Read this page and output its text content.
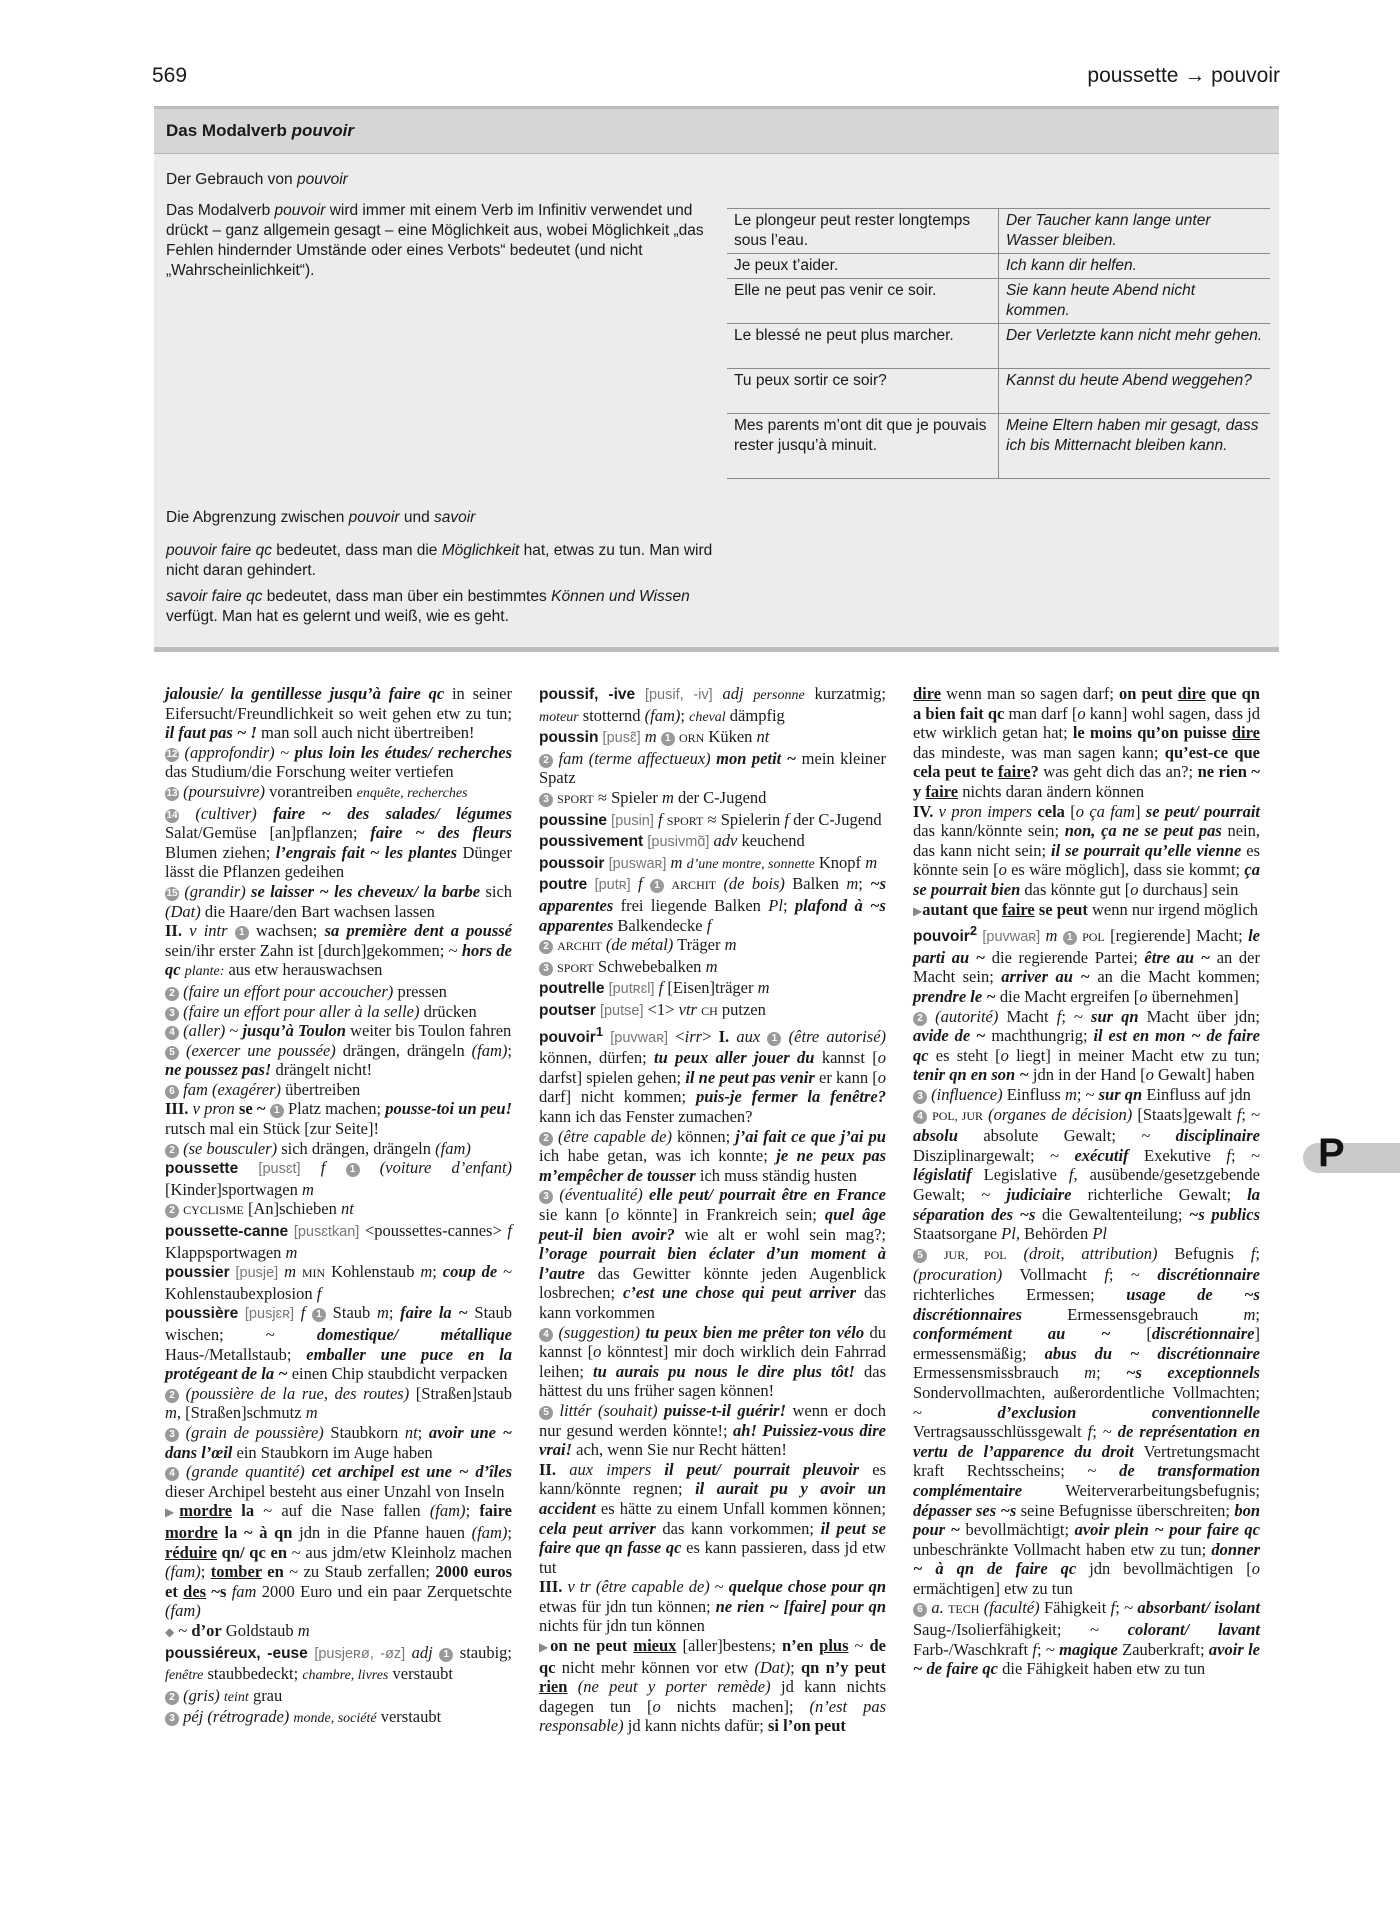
569	poussette → pouvoir
Das Modalverb pouvoir
Der Gebrauch von pouvoir
Das Modalverb pouvoir wird immer mit einem Verb im Infinitiv verwendet und drückt – ganz allgemein gesagt – eine Möglichkeit aus, wobei Möglichkeit „das Fehlen hindernder Umstände oder eines Verbots“ bedeutet (und nicht „Wahrscheinlichkeit“).
Le plongeur peut rester longtemps sous l’eau.	Der Taucher kann lange unter Wasser bleiben.
Je peux t’aider.	Ich kann dir helfen.
Elle ne peut pas venir ce soir.	Sie kann heute Abend nicht kommen.
Le blessé ne peut plus marcher.	Der Verletzte kann nicht mehr gehen.
Tu peux sortir ce soir?	Kannst du heute Abend weggehen?
Mes parents m’ont dit que je pouvais rester jusqu’à minuit.	Meine Eltern haben mir gesagt, dass ich bis Mitternacht bleiben kann.
Die Abgrenzung zwischen pouvoir und savoir
pouvoir faire qc bedeutet, dass man die Möglichkeit hat, etwas zu tun. Man wird nicht daran gehindert.
savoir faire qc bedeutet, dass man über ein bestimmtes Können und Wissen verfügt. Man hat es gelernt und weiß, wie es geht.

jalousie/ la gentillesse jusqu’à faire qc in seiner Eifersucht/Freundlichkeit so weit gehen etw zu tun; il faut pas ~ ! man soll auch nicht übertreiben!

12 (approfondir) ~ plus loin les études/ recherches das Studium/die Forschung weiter vertiefen

13 (poursuivre) vorantreiben enquête, recherches

14 (cultiver) faire ~ des salades/ légumes Salat/Gemüse [an]pflanzen; faire ~ des fleurs Blumen ziehen; l’engrais fait ~ les plantes Dünger lässt die Pflanzen gedeihen

15 (grandir) se laisser ~ les cheveux/ la barbe sich (Dat) die Haare/den Bart wachsen lassen

II. v intr 1 wachsen; sa première dent a poussé sein/ihr erster Zahn ist [durch]gekommen; ~ hors de qc plante: aus etw herauswachsen

2 (faire un effort pour accoucher) pressen

3 (faire un effort pour aller à la selle) drücken

4 (aller) ~ jusqu’à Toulon weiter bis Toulon fahren

5 (exercer une poussée) drängen, drängeln (fam); ne poussez pas! drängelt nicht!

6 fam (exagérer) übertreiben

III. v pron se ~ 1 Platz machen; pousse-toi un peu! rutsch mal ein Stück [zur Seite]!

2 (se bousculer) sich drängen, drängeln (fam)

poussette [pusɛt] f 1 (voiture d’enfant) [Kinder]sportwagen m

2 CYCLISME [An]schieben nt

poussette-canne [pusɛtkan] <poussettes-cannes> f Klappsportwagen m

poussier [pusje] m MIN Kohlenstaub m; coup de ~ Kohlenstaubexplosion f

poussière [pusjɛʀ] f 1 Staub m; faire la ~ Staub wischen; ~ domestique/ métallique Haus-/Metallstaub; emballer une puce en la protégeant de la ~ einen Chip staubdicht verpacken

2 (poussière de la rue, des routes) [Straßen]staub m, [Straßen]schmutz m

3 (grain de poussière) Staubkorn nt; avoir une ~ dans l’œil ein Staubkorn im Auge haben

4 (grande quantité) cet archipel est une ~ d’îles dieser Archipel besteht aus einer Unzahl von Inseln

▶mordre la ~ auf die Nase fallen (fam); faire mordre la ~ à qn jdn in die Pfanne hauen (fam); réduire qn/ qc en ~ aus jdm/etw Kleinholz machen (fam); tomber en ~ zu Staub zerfallen; 2000 euros et des ~s fam 2000 Euro und ein paar Zerquetschte (fam)

◆ ~ d’or Goldstaub m

poussiéreux, -euse [pusjeʀø, -øz] adj 1 staubig; fenêtre staubbedeckt; chambre, livres verstaubt

2 (gris) teint grau

3 péj (rétrograde) monde, société verstaubt

poussif, -ive [pusif, -iv] adj personne kurzatmig; moteur stotternd (fam); cheval dämpfig

poussin [pusɛ̃] m 1 ORN Küken nt

2 fam (terme affectueux) mon petit ~ mein kleiner Spatz

3 SPORT ≈ Spieler m der C-Jugend

poussine [pusin] f SPORT ≈ Spielerin f der C-Jugend

poussivement [pusivmɑ̃] adv keuchend

poussoir [puswaʀ] m d’une montre, sonnette Knopf m

poutre [putʀ] f 1 ARCHIT (de bois) Balken m; ~s apparentes frei liegende Balken Pl; plafond à ~s apparentes Balkendecke f

2 ARCHIT (de métal) Träger m

3 SPORT Schwebebalken m

poutrelle [putʀɛl] f [Eisen]träger m

poutser [putse] <1> vtr CH putzen

pouvoir$^1$ [puvwaʀ] <irr> I. aux 1 (être autorisé) können, dürfen; tu peux aller jouer du kannst [o darfst] spielen gehen; il ne peut pas venir er kann [o darf] nicht kommen; puis-je fermer la fenêtre? kann ich das Fenster zumachen?

2 (être capable de) können; j’ai fait ce que j’ai pu ich habe getan, was ich konnte; je ne peux pas m’empêcher de tousser ich muss ständig husten

3 (éventualité) elle peut/ pourrait être en France sie kann [o könnte] in Frankreich sein; quel âge peut-il bien avoir? wie alt er wohl sein mag?; l’orage pourrait bien éclater d’un moment à l’autre das Gewitter könnte jeden Augenblick losbrechen; c’est une chose qui peut arriver das kann vorkommen

4 (suggestion) tu peux bien me prêter ton vélo du kannst [o könntest] mir doch wirklich dein Fahrrad leihen; tu aurais pu nous le dire plus tôt! das hättest du uns früher sagen können!

5 littér (souhait) puisse-t-il guérir! wenn er doch nur gesund werden könnte!; ah! Puissiez-vous dire vrai! ach, wenn Sie nur Recht hätten!

II. aux impers il peut/ pourrait pleuvoir es kann/könnte regnen; il aurait pu y avoir un accident es hätte zu einem Unfall kommen können; cela peut arriver das kann vorkommen; il peut se faire que qn fasse qc es kann passieren, dass jd etw tut

III. v tr (être capable de) ~ quelque chose pour qn etwas für jdn tun können; ne rien ~ [faire] pour qn nichts für jdn tun können

▶on ne peut mieux [aller]bestens; n’en plus ~ de qc nicht mehr können vor etw (Dat); qn n’y peut rien (ne peut y porter remède) jd kann nichts dagegen tun [o nichts machen]; (n’est pas responsable) jd kann nichts dafür; si l’on peut

dire wenn man so sagen darf; on peut dire que qn a bien fait qc man darf [o kann] wohl sagen, dass jd etw wirklich getan hat; le moins qu’on puisse dire das mindeste, was man sagen kann; qu’est-ce que cela peut te faire? was geht dich das an?; ne rien ~ y faire nichts daran ändern können

IV. v pron impers cela [o ça fam] se peut/ pourrait das kann/könnte sein; non, ça ne se peut pas nein, das kann nicht sein; il se pourrait qu’elle vienne es könnte sein [o es wäre möglich], dass sie kommt; ça se pourrait bien das könnte gut [o durchaus] sein

▶autant que faire se peut wenn nur irgend möglich

pouvoir$^2$ [puvwaʀ] m 1 POL [regierende] Macht; le parti au ~ die regierende Partei; être au ~ an der Macht sein; arriver au ~ an die Macht kommen; prendre le ~ die Macht ergreifen [o übernehmen]

2 (autorité) Macht f; ~ sur qn Macht über jdn; avide de ~ machthungrig; il est en mon ~ de faire qc es steht [o liegt] in meiner Macht etw zu tun; tenir qn en son ~ jdn in der Hand [o Gewalt] haben

3 (influence) Einfluss m; ~ sur qn Einfluss auf jdn

4 POL, JUR (organes de décision) [Staats]gewalt f; ~ absolu absolute Gewalt; ~ disciplinaire Disziplinargewalt; ~ exécutif Exekutive f; ~ législatif Legislative f, ausübende/gesetzgebende Gewalt; ~ judiciaire richterliche Gewalt; la séparation des ~s die Gewaltenteilung; ~s publics Staatsorgane Pl, Behörden Pl

5 JUR, POL (droit, attribution) Befugnis f; (procuration) Vollmacht f; ~ discrétionnaire richterliches Ermessen; usage de ~s discrétionnaires Ermessensgebrauch m; conformément au ~ [discrétionnaire] ermessensmäßig; abus du ~ discrétionnaire Ermessensmissbrauch m; ~s exceptionnels Sondervollmachten, außerordentliche Vollmachten; ~ d’exclusion conventionnelle Vertragsausschlüssgewalt f; ~ de représentation en vertu de l’apparence du droit Vertretungsmacht kraft Rechtsscheins; ~ de transformation complémentaire Weiterverarbeitungsbefugnis; dépasser ses ~s seine Befugnisse überschreiten; bon pour ~ bevollmächtigt; avoir plein ~ pour faire qc unbeschränkte Vollmacht haben etw zu tun; donner ~ à qn de faire qc jdn bevollmächtigen [o ermächtigen] etw zu tun

6 a. TECH (faculté) Fähigkeit f; ~ absorbant/ isolant Saug-/Isolierfähigkeit; ~ colorant/ lavant Farb-/Waschkraft f; ~ magique Zauberkraft; avoir le ~ de faire qc die Fähigkeit haben etw zu tun

P
